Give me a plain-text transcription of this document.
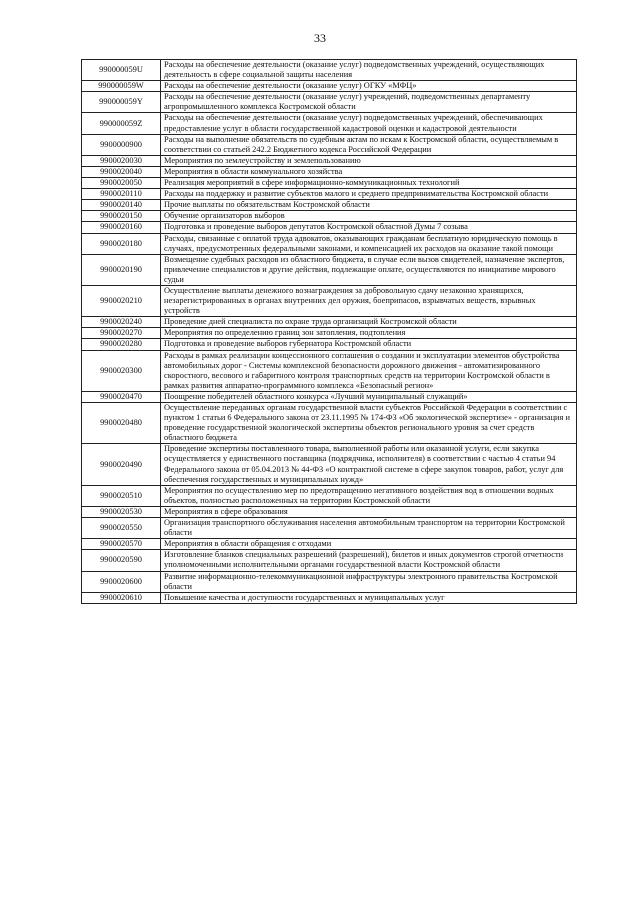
33
990000059U	Расходы на обеспечение деятельности (оказание услуг) подведомственных учреждений, осуществляющих деятельность в сфере социальной защиты населения
990000059W	Расходы на обеспечение деятельности (оказание услуг) ОГКУ «МФЦ»
990000059Y	Расходы на обеспечение деятельности (оказание услуг) учреждений, подведомственных департаменту агропромышленного комплекса Костромской области
990000059Z	Расходы на обеспечение деятельности (оказание услуг) подведомственных учреждений, обеспечивающих предоставление услуг в области государственной кадастровой оценки и кадастровой деятельности
9900000900	Расходы на выполнение обязательств по судебным актам по искам к Костромской области, осуществляемым в соответствии со статьей 242.2 Бюджетного кодекса Российской Федерации
9900020030	Мероприятия по землеустройству и землепользованию
9900020040	Мероприятия в области коммунального хозяйства
9900020050	Реализация мероприятий в сфере информационно-коммуникационных технологий
9900020110	Расходы на поддержку и развитие субъектов малого и среднего предпринимательства Костромской области
9900020140	Прочие выплаты по обязательствам Костромской области
9900020150	Обучение организаторов выборов
9900020160	Подготовка и проведение выборов депутатов Костромской областной Думы 7 созыва
9900020180	Расходы, связанные с оплатой труда адвокатов, оказывающих гражданам бесплатную юридическую помощь в случаях, предусмотренных федеральными законами, и компенсацией их расходов на оказание такой помощи
9900020190	Возмещение судебных расходов из областного бюджета, в случае если вызов свидетелей, назначение экспертов, привлечение специалистов и другие действия, подлежащие оплате, осуществляются по инициативе мирового судьи
9900020210	Осуществление выплаты денежного вознаграждения за добровольную сдачу незаконно хранящихся, незарегистрированных в органах внутренних дел оружия, боеприпасов, взрывчатых веществ, взрывных устройств
9900020240	Проведение дней специалиста по охране труда организаций Костромской области
9900020270	Мероприятия по определению границ зон затопления, подтопления
9900020280	Подготовка и проведение выборов губернатора Костромской области
9900020300	Расходы в рамках реализации концессионного соглашения о создании и эксплуатации элементов обустройства автомобильных дорог - Системы комплексной безопасности дорожного движения - автоматизированного скоростного, весового и габаритного контроля транспортных средств на территории Костромской области в рамках развития аппаратно-программного комплекса «Безопасный регион»
9900020470	Поощрение победителей областного конкурса «Лучший муниципальный служащий»
9900020480	Осуществление переданных органам государственной власти субъектов Российской Федерации в соответствии с пунктом 1 статьи 6 Федерального закона от 23.11.1995 № 174-ФЗ «Об экологической экспертизе» - организация и проведение государственной экологической экспертизы объектов регионального уровня за счет средств областного бюджета
9900020490	Проведение экспертизы поставленного товара, выполненной работы или оказанной услуги, если закупка осуществляется у единственного поставщика (подрядчика, исполнителя) в соответствии с частью 4 статьи 94 Федерального закона от 05.04.2013 № 44-ФЗ «О контрактной системе в сфере закупок товаров, работ, услуг для обеспечения государственных и муниципальных нужд»
9900020510	Мероприятия по осуществлению мер по предотвращению негативного воздействия вод в отношении водных объектов, полностью расположенных на территории Костромской области
9900020530	Мероприятия в сфере образования
9900020550	Организация транспортного обслуживания населения автомобильным транспортом на территории Костромской области
9900020570	Мероприятия в области обращения с отходами
9900020590	Изготовление бланков специальных разрешений (разрешений), билетов и иных документов строгой отчетности уполномоченными исполнительными органами государственной власти Костромской области
9900020600	Развитие информационно-телекоммуникационной инфраструктуры электронного правительства Костромской области
9900020610	Повышение качества и доступности государственных и муниципальных услуг
